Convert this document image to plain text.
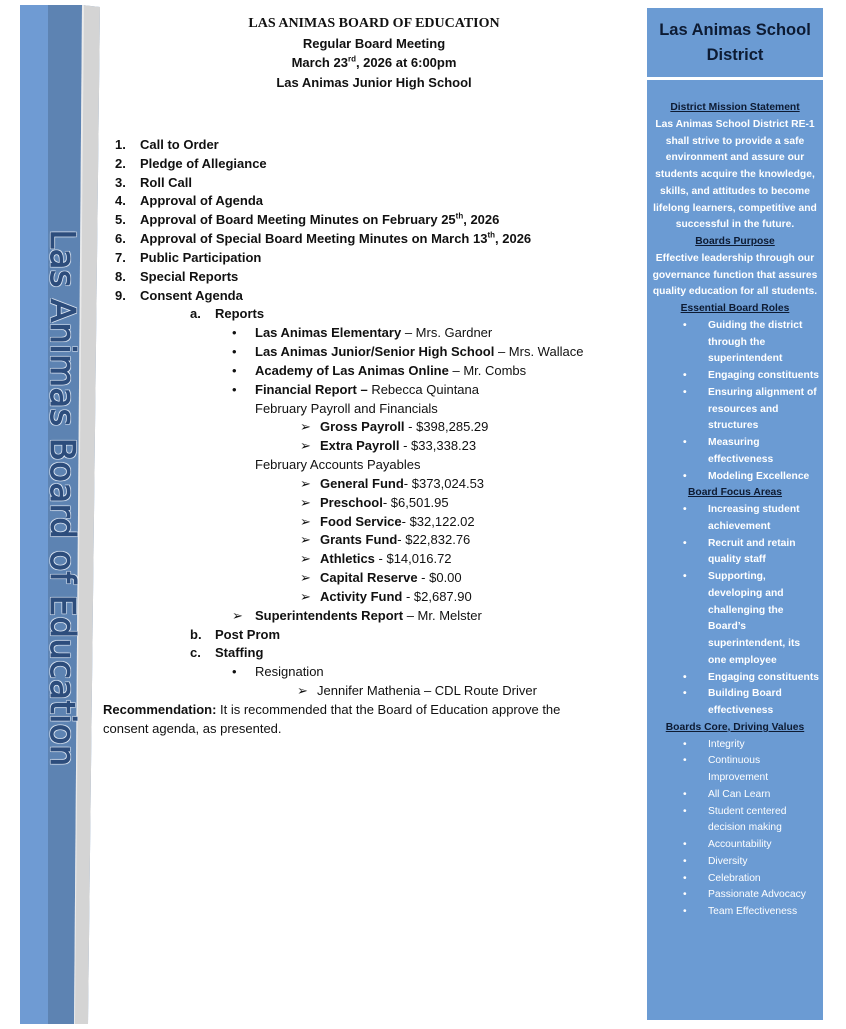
Las Animas Board of Education
LAS ANIMAS BOARD OF EDUCATION
Regular Board Meeting
March 23rd, 2026 at 6:00pm
Las Animas Junior High School
1. Call to Order
2. Pledge of Allegiance
3. Roll Call
4. Approval of Agenda
5. Approval of Board Meeting Minutes on February 25th, 2026
6. Approval of Special Board Meeting Minutes on March 13th, 2026
7. Public Participation
8. Special Reports
9. Consent Agenda
a. Reports
• Las Animas Elementary – Mrs. Gardner
• Las Animas Junior/Senior High School – Mrs. Wallace
• Academy of Las Animas Online – Mr. Combs
• Financial Report – Rebecca Quintana
February Payroll and Financials
➢ Gross Payroll - $398,285.29
➢ Extra Payroll - $33,338.23
February Accounts Payables
➢ General Fund- $373,024.53
➢ Preschool- $6,501.95
➢ Food Service- $32,122.02
➢ Grants Fund- $22,832.76
➢ Athletics - $14,016.72
➢ Capital Reserve - $0.00
➢ Activity Fund - $2,687.90
➢ Superintendents Report – Mr. Melster
b. Post Prom
c. Staffing
• Resignation
➢ Jennifer Mathenia – CDL Route Driver
Recommendation: It is recommended that the Board of Education approve the consent agenda, as presented.
Las Animas School District
District Mission Statement
Las Animas School District RE-1 shall strive to provide a safe environment and assure our students acquire the knowledge, skills, and attitudes to become lifelong learners, competitive and successful in the future.
Boards Purpose
Effective leadership through our governance function that assures quality education for all students.
Essential Board Roles
• Guiding the district through the superintendent
• Engaging constituents
• Ensuring alignment of resources and structures
• Measuring effectiveness
• Modeling Excellence
Board Focus Areas
• Increasing student achievement
• Recruit and retain quality staff
• Supporting, developing and challenging the Board’s superintendent, its one employee
• Engaging constituents
• Building Board effectiveness
Boards Core, Driving Values
• Integrity
• Continuous Improvement
• All Can Learn
• Student centered decision making
• Accountability
• Diversity
• Celebration
• Passionate Advocacy
• Team Effectiveness
